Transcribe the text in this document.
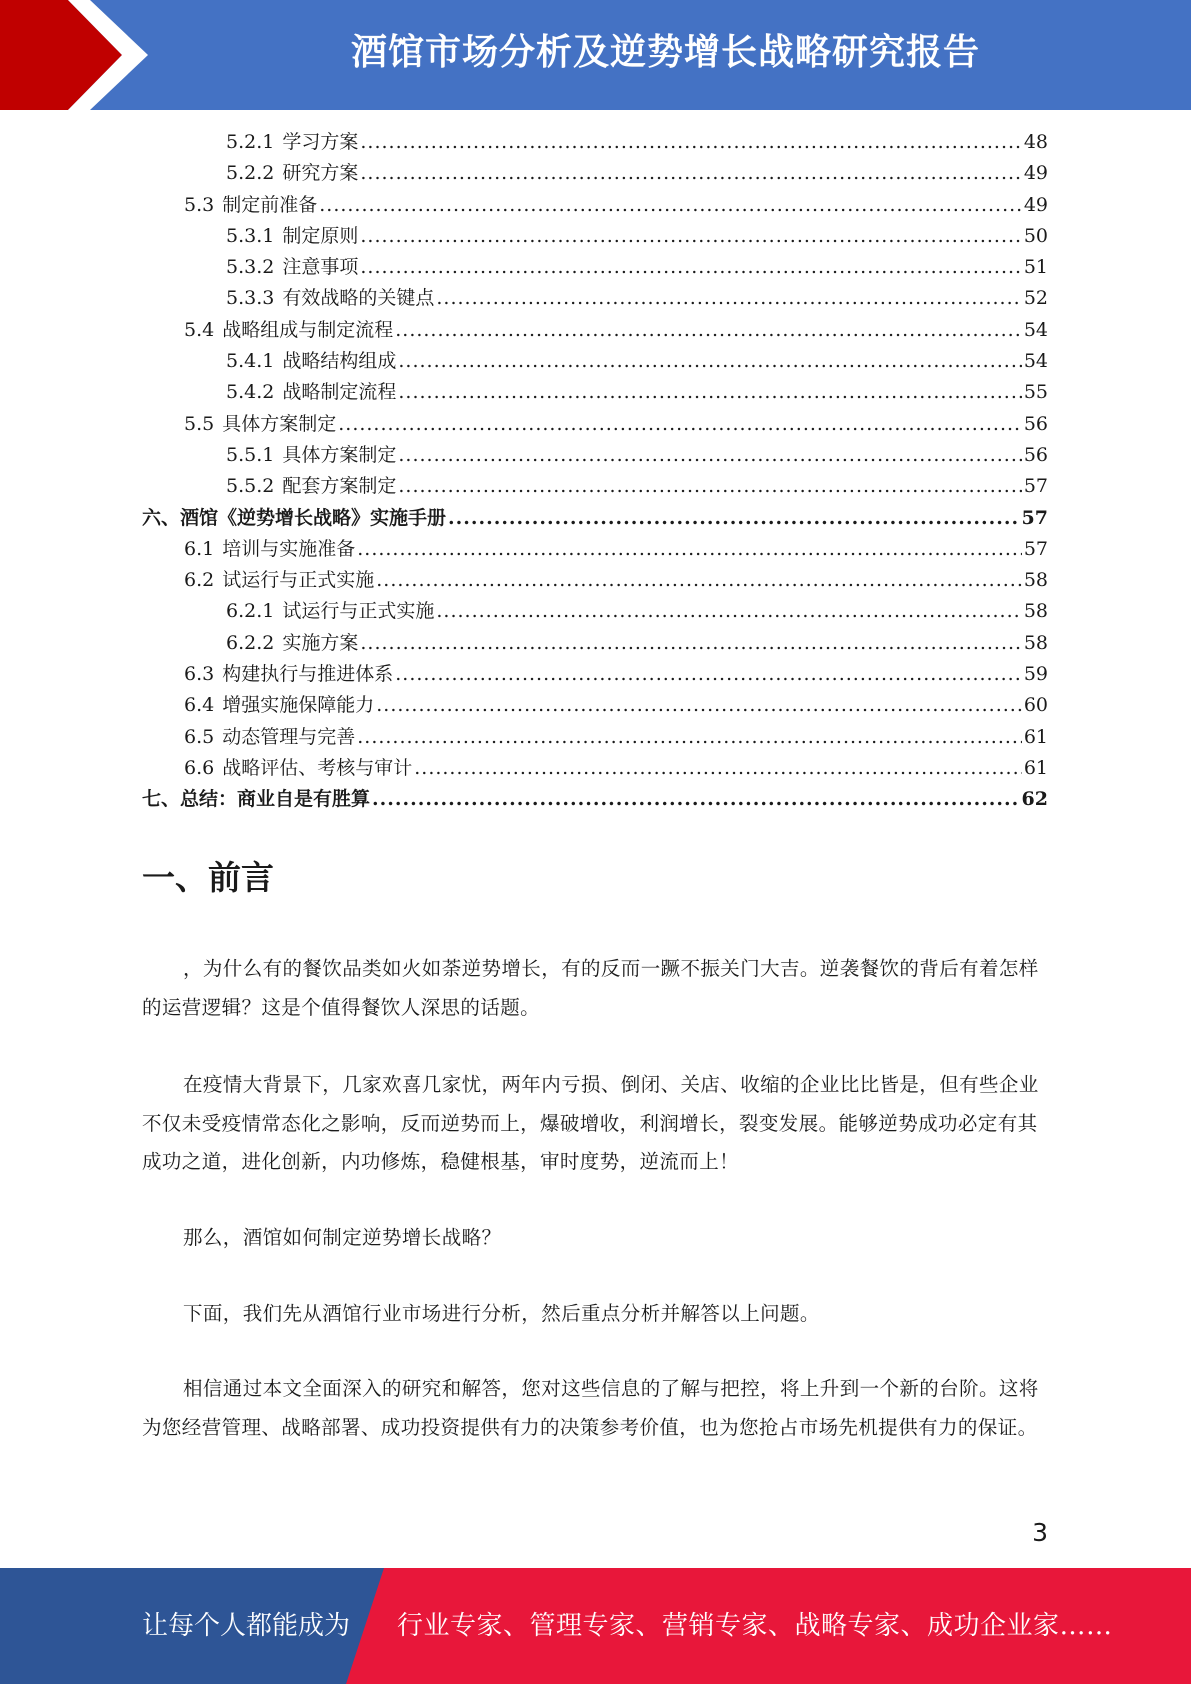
酒馆市场分析及逆势增长战略研究报告
5.2.1 学习方案 .....	48
5.2.2 研究方案 .....	49
5.3 制定前准备 .....	49
5.3.1 制定原则 .....	50
5.3.2 注意事项 .....	51
5.3.3 有效战略的关键点 .....	52
5.4 战略组成与制定流程 .....	54
5.4.1 战略结构组成 .....	54
5.4.2 战略制定流程 .....	55
5.5 具体方案制定 .....	56
5.5.1 具体方案制定 .....	56
5.5.2 配套方案制定 .....	57
六、酒馆《逆势增长战略》实施手册 .....	57
6.1 培训与实施准备 .....	57
6.2 试运行与正式实施 .....	58
6.2.1 试运行与正式实施 .....	58
6.2.2 实施方案 .....	58
6.3 构建执行与推进体系 .....	59
6.4 增强实施保障能力 .....	60
6.5 动态管理与完善 .....	61
6.6 战略评估、考核与审计 .....	61
七、总结：商业自是有胜算 .....	62
一、前言
，为什么有的餐饮品类如火如荼逆势增长，有的反而一蹶不振关门大吉。逆袭餐饮的背后有着怎样的运营逻辑？这是个值得餐饮人深思的话题。
在疫情大背景下，几家欢喜几家忧，两年内亏损、倒闭、关店、收缩的企业比比皆是，但有些企业不仅未受疫情常态化之影响，反而逆势而上，爆破增收，利润增长，裂变发展。能够逆势成功必定有其成功之道，进化创新，内功修炼，稳健根基，审时度势，逆流而上！
那么，酒馆如何制定逆势增长战略？
下面，我们先从酒馆行业市场进行分析，然后重点分析并解答以上问题。
相信通过本文全面深入的研究和解答，您对这些信息的了解与把控，将上升到一个新的台阶。这将为您经营管理、战略部署、成功投资提供有力的决策参考价值，也为您抢占市场先机提供有力的保证。
3
让每个人都能成为 行业专家、管理专家、营销专家、战略专家、成功企业家……
